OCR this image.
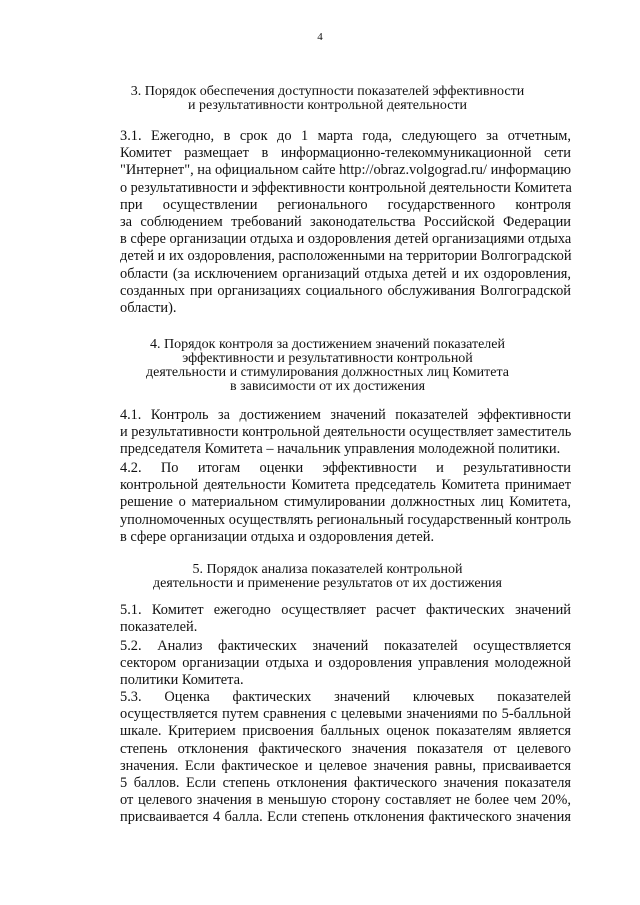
4
3. Порядок обеспечения доступности показателей эффективности
и результативности контрольной деятельности
3.1. Ежегодно, в срок до 1 марта года, следующего за отчетным,
Комитет размещает в информационно-телекоммуникационной сети
"Интернет", на официальном сайте http://obraz.volgograd.ru/ информацию
о результативности и эффективности контрольной деятельности Комитета
при осуществлении регионального государственного контроля
за соблюдением требований законодательства Российской Федерации
в сфере организации отдыха и оздоровления детей организациями отдыха
детей и их оздоровления, расположенными на территории Волгоградской
области (за исключением организаций отдыха детей и их оздоровления,
созданных при организациях социального обслуживания Волгоградской
области).
4. Порядок контроля за достижением значений показателей
эффективности и результативности контрольной
деятельности и стимулирования должностных лиц Комитета
в зависимости от их достижения
4.1. Контроль за достижением значений показателей эффективности
и результативности контрольной деятельности осуществляет заместитель
председателя Комитета – начальник управления молодежной политики.
4.2. По итогам оценки эффективности и результативности
контрольной деятельности Комитета председатель Комитета принимает
решение о материальном стимулировании должностных лиц Комитета,
уполномоченных осуществлять региональный государственный контроль
в сфере организации отдыха и оздоровления детей.
5. Порядок анализа показателей контрольной
деятельности и применение результатов от их достижения
5.1. Комитет ежегодно осуществляет расчет фактических значений
показателей.
5.2. Анализ фактических значений показателей осуществляется
сектором организации отдыха и оздоровления управления молодежной
политики Комитета.
5.3. Оценка фактических значений ключевых показателей
осуществляется путем сравнения с целевыми значениями по 5-балльной
шкале. Критерием присвоения балльных оценок показателям является
степень отклонения фактического значения показателя от целевого
значения. Если фактическое и целевое значения равны, присваивается
5 баллов. Если степень отклонения фактического значения показателя
от целевого значения в меньшую сторону составляет не более чем 20%,
присваивается 4 балла. Если степень отклонения фактического значения
